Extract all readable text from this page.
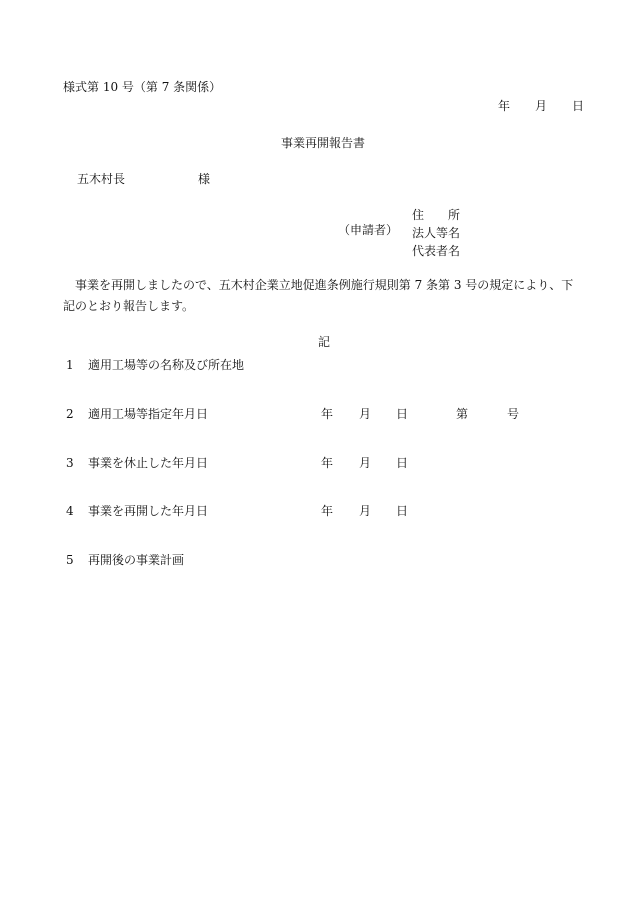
様式第 10 号（第 7 条関係）
年 月 日
事業再開報告書
五木村長	様
（申請者）
住　　所
法人等名
代表者名
事業を再開しましたので、五木村企業立地促進条例施行規則第 7 条第 3 号の規定により、下記のとおり報告します。
記
1 適用工場等の名称及び所在地
2 適用工場等指定年月日	年 月 日	第	号
3 事業を休止した年月日	年 月 日
4 事業を再開した年月日	年 月 日
5 再開後の事業計画
